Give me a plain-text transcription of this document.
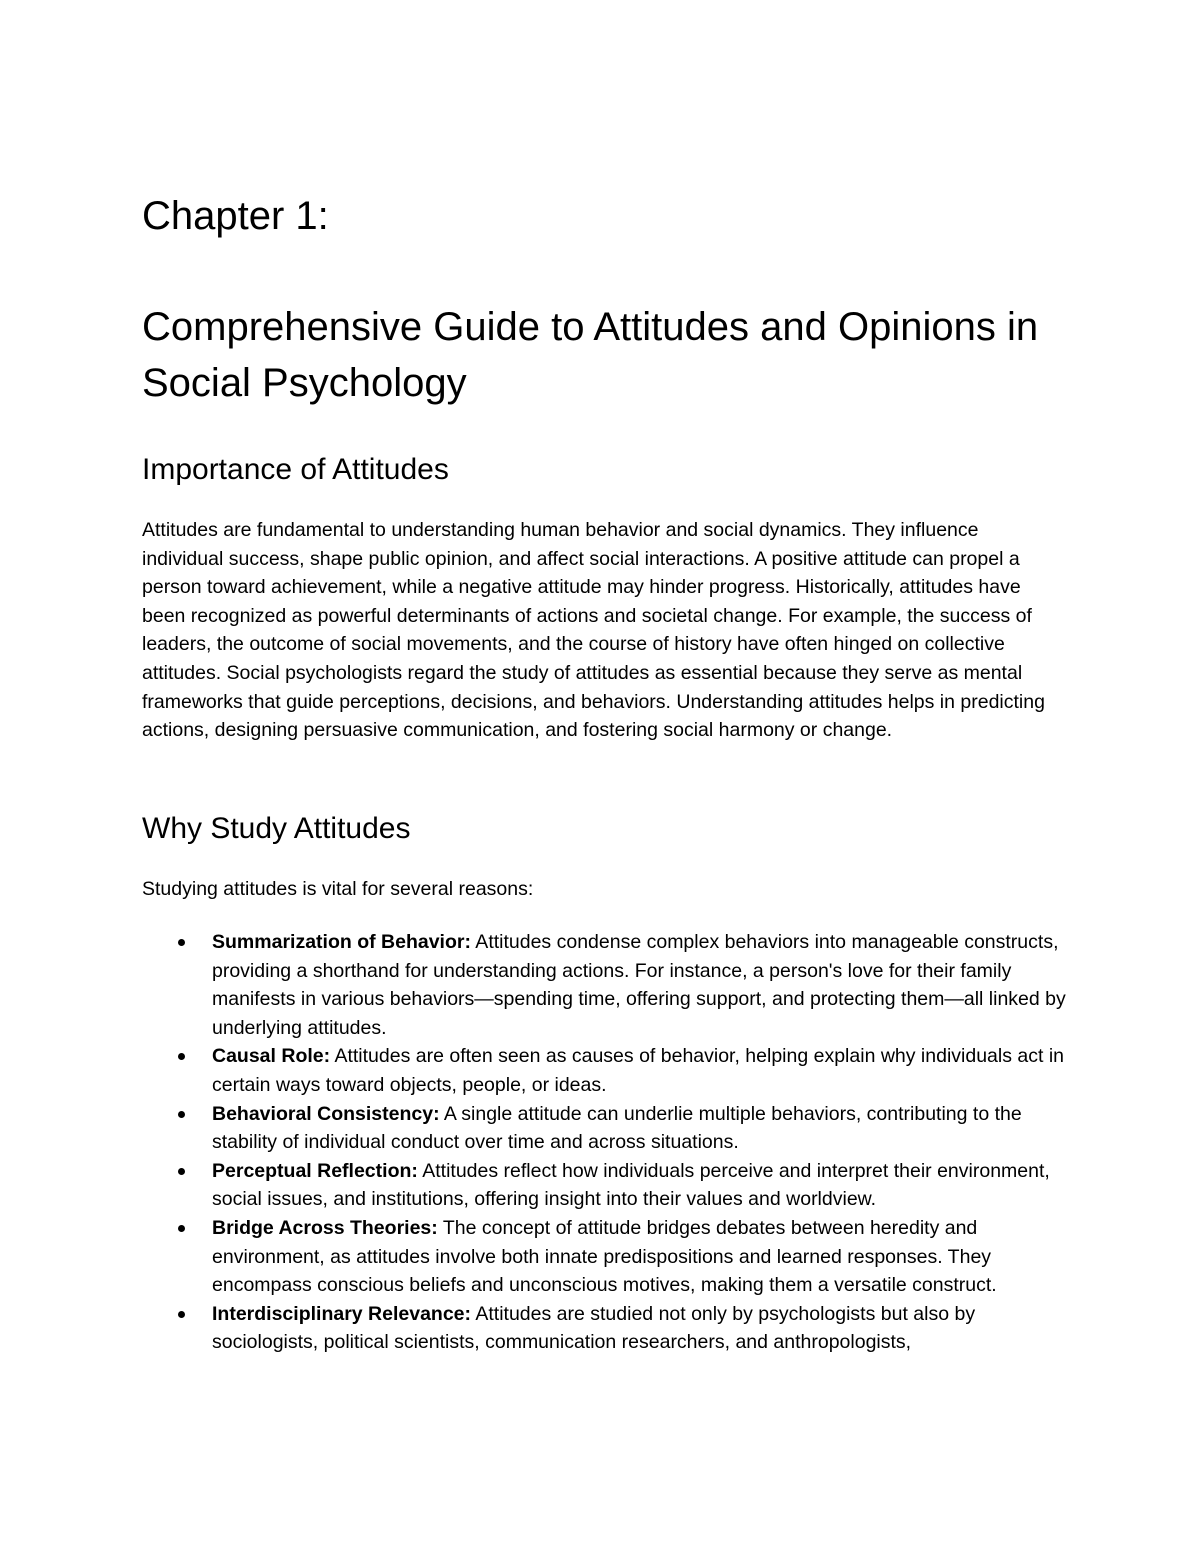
Chapter 1:
Comprehensive Guide to Attitudes and Opinions in Social Psychology
Importance of Attitudes

Attitudes are fundamental to understanding human behavior and social dynamics. They influence individual success, shape public opinion, and affect social interactions. A positive attitude can propel a person toward achievement, while a negative attitude may hinder progress. Historically, attitudes have been recognized as powerful determinants of actions and societal change. For example, the success of leaders, the outcome of social movements, and the course of history have often hinged on collective attitudes. Social psychologists regard the study of attitudes as essential because they serve as mental frameworks that guide perceptions, decisions, and behaviors. Understanding attitudes helps in predicting actions, designing persuasive communication, and fostering social harmony or change.

Why Study Attitudes

Studying attitudes is vital for several reasons:

Summarization of Behavior: Attitudes condense complex behaviors into manageable constructs, providing a shorthand for understanding actions. For instance, a person's love for their family manifests in various behaviors—spending time, offering support, and protecting them—all linked by underlying attitudes.
Causal Role: Attitudes are often seen as causes of behavior, helping explain why individuals act in certain ways toward objects, people, or ideas.
Behavioral Consistency: A single attitude can underlie multiple behaviors, contributing to the stability of individual conduct over time and across situations.
Perceptual Reflection: Attitudes reflect how individuals perceive and interpret their environment, social issues, and institutions, offering insight into their values and worldview.
Bridge Across Theories: The concept of attitude bridges debates between heredity and environment, as attitudes involve both innate predispositions and learned responses. They encompass conscious beliefs and unconscious motives, making them a versatile construct.
Interdisciplinary Relevance: Attitudes are studied not only by psychologists but also by sociologists, political scientists, communication researchers, and anthropologists,
